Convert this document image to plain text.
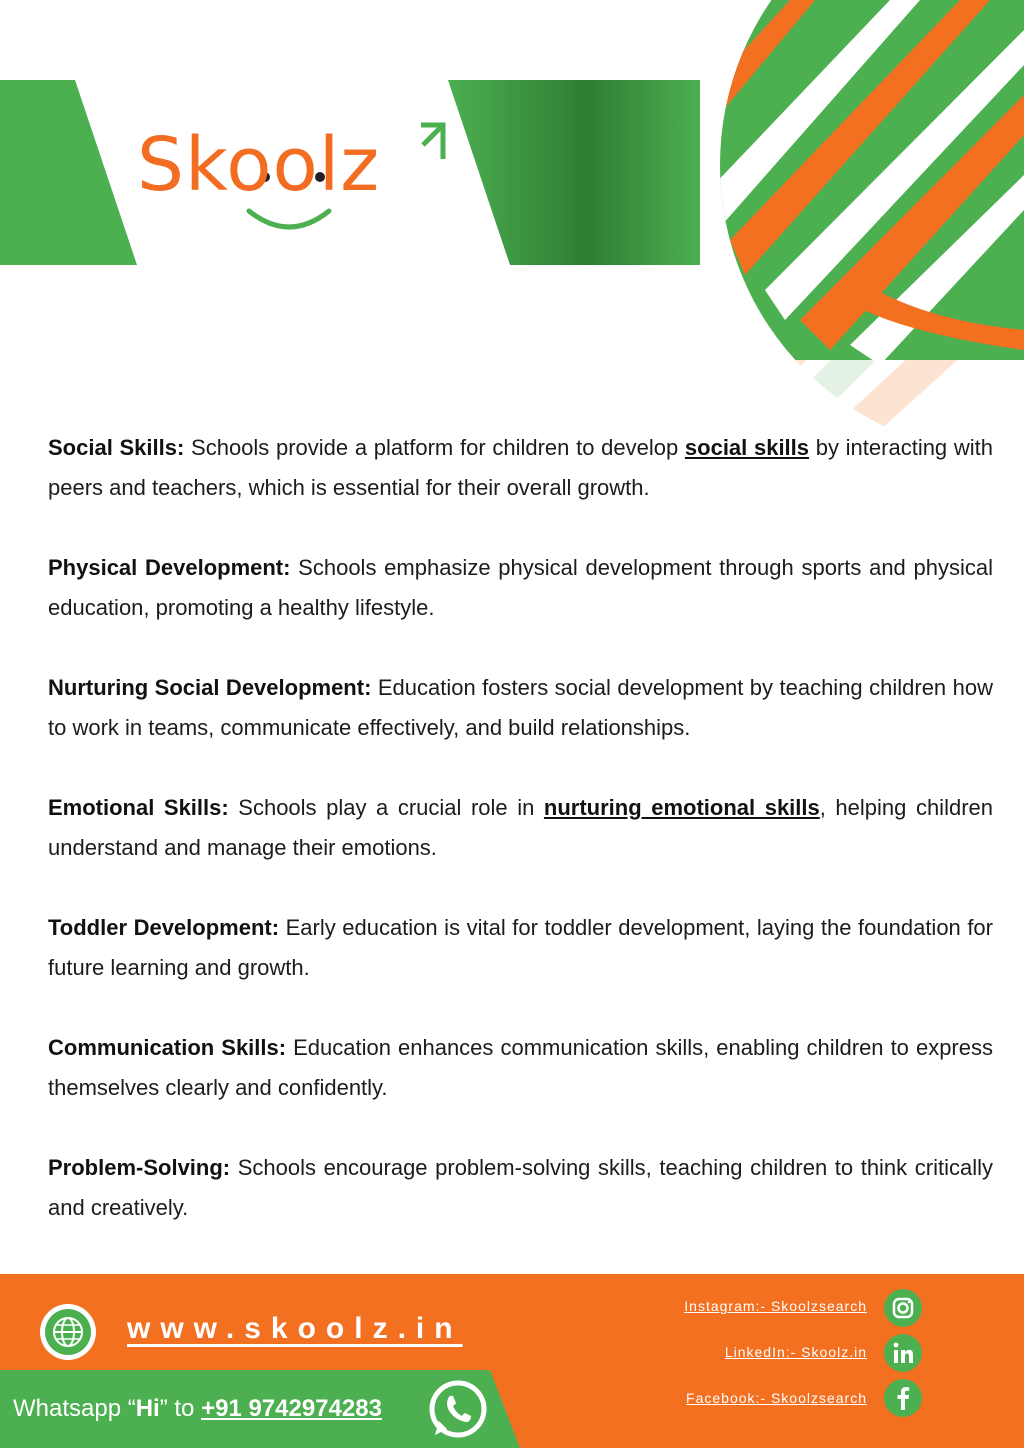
Skoolz

Social Skills: Schools provide a platform for children to develop social skills by interacting with peers and teachers, which is essential for their overall growth.

Physical Development: Schools emphasize physical development through sports and physical education, promoting a healthy lifestyle.

Nurturing Social Development: Education fosters social development by teaching children how to work in teams, communicate effectively, and build relationships.

Emotional Skills: Schools play a crucial role in nurturing emotional skills, helping children understand and manage their emotions.

Toddler Development: Early education is vital for toddler development, laying the foundation for future learning and growth.

Communication Skills: Education enhances communication skills, enabling children to express themselves clearly and confidently.

Problem-Solving: Schools encourage problem-solving skills, teaching children to think critically and creatively.

www.skoolz.in
Whatsapp “Hi” to +91 9742974283
Instagram:- Skoolzsearch
LinkedIn:- Skoolz.in
Facebook:- Skoolzsearch
